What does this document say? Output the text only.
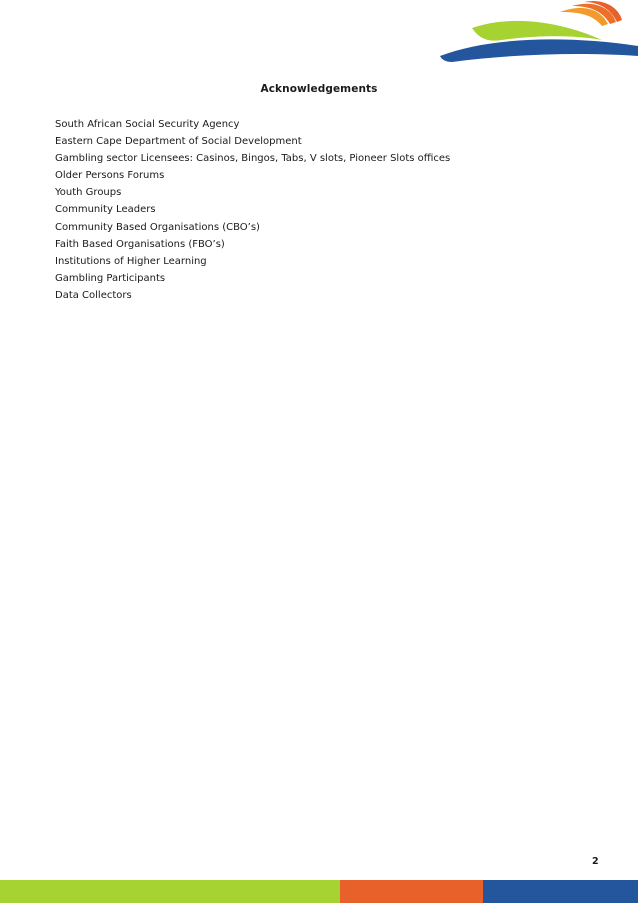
Acknowledgements
South African Social Security Agency
Eastern Cape Department of Social Development
Gambling sector Licensees: Casinos, Bingos, Tabs, V slots, Pioneer Slots offices
Older Persons Forums
Youth Groups
Community Leaders
Community Based Organisations (CBO’s)
Faith Based Organisations (FBO’s)
Institutions of Higher Learning
Gambling Participants
Data Collectors
2
